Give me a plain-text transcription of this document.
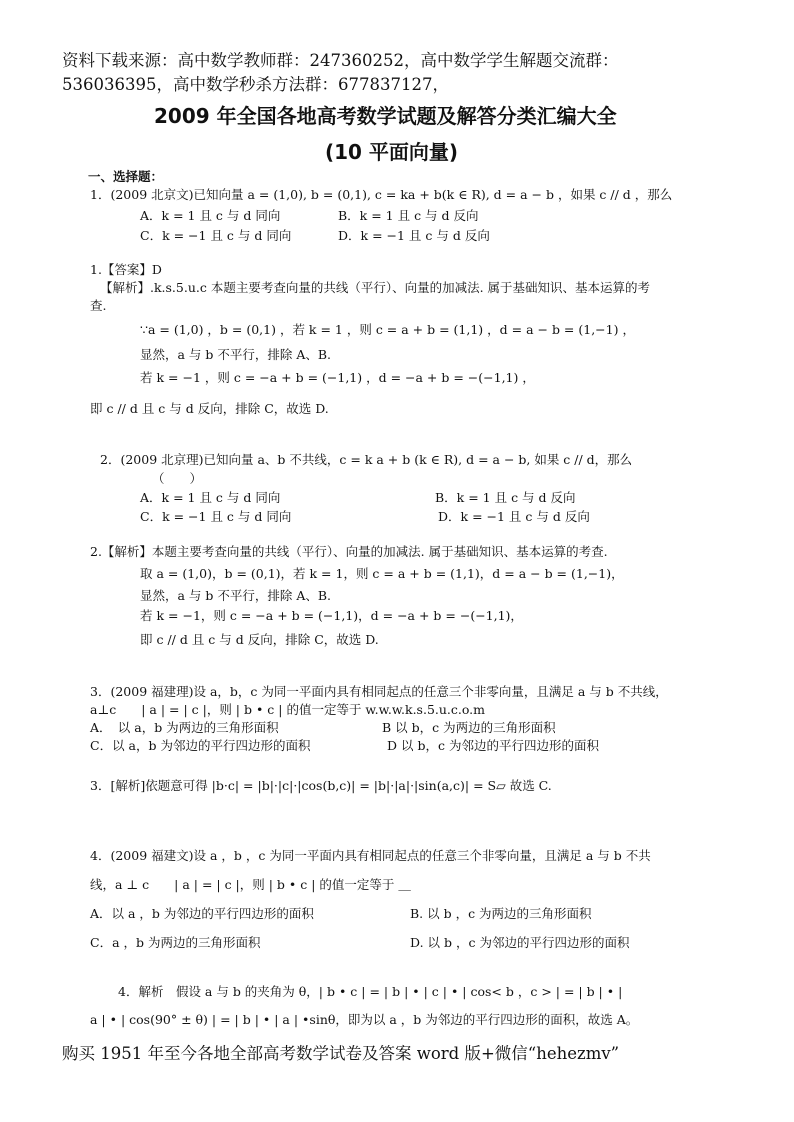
资料下载来源：高中数学教师群：247360252，高中数学学生解题交流群：
536036395，高中数学秒杀方法群：677837127，
2009 年全国各地高考数学试题及解答分类汇编大全
(10 平面向量)
一、选择题：
1．(2009 北京文)已知向量 a = (1,0), b = (0,1), c = ka + b(k ∈ R), d = a − b ，如果 c // d ，那么
A．k = 1 且 c 与 d 同向	B．k = 1 且 c 与 d 反向
C．k = −1 且 c 与 d 同向	D．k = −1 且 c 与 d 反向
1.【答案】D
【解析】.k.s.5.u.c 本题主要考查向量的共线（平行）、向量的加减法. 属于基础知识、基本运算的考
查.
∵a = (1,0) ，b = (0,1) ，若 k = 1 ，则 c = a + b = (1,1) ，d = a − b = (1,−1) ，
显然，a 与 b 不平行，排除 A、B.
若 k = −1 ，则 c = −a + b = (−1,1) ，d = −a + b = −(−1,1) ，
即 c // d 且 c 与 d 反向，排除 C，故选 D.
2．(2009 北京理)已知向量 a、b 不共线，c = k a + b (k ∈ R), d = a − b, 如果 c // d，那么
（　　）
A．k = 1 且 c 与 d 同向	B．k = 1 且 c 与 d 反向
C．k = −1 且 c 与 d 同向	D．k = −1 且 c 与 d 反向
2.【解析】本题主要考查向量的共线（平行）、向量的加减法. 属于基础知识、基本运算的考查.
取 a = (1,0)，b = (0,1)，若 k = 1，则 c = a + b = (1,1)，d = a − b = (1,−1)，
显然，a 与 b 不平行，排除 A、B.
若 k = −1，则 c = −a + b = (−1,1)，d = −a + b = −(−1,1)，
即 c // d 且 c 与 d 反向，排除 C，故选 D.
3．(2009 福建理)设 a，b，c 为同一平面内具有相同起点的任意三个非零向量，且满足 a 与 b 不共线，
a⊥c　　| a | = | c |，则 | b • c | 的值一定等于 w.w.w.k.s.5.u.c.o.m
A．　以 a，b 为两边的三角形面积	B 以 b，c 为两边的三角形面积
C．以 a，b 为邻边的平行四边形的面积	D 以 b，c 为邻边的平行四边形的面积
3．[解析]依题意可得 |b·c| = |b|·|c|·|cos(b,c)| = |b|·|a|·|sin(a,c)| = S▱ 故选 C.
4．(2009 福建文)设 a ，b ，c 为同一平面内具有相同起点的任意三个非零向量，且满足 a 与 b 不共
线，a ⊥ c　　| a | = | c |，则 | b • c | 的值一定等于 ＿
A．以 a ，b 为邻边的平行四边形的面积	B. 以 b ，c 为两边的三角形面积
C．a ，b 为两边的三角形面积	D. 以 b ，c 为邻边的平行四边形的面积
4．解析　假设 a 与 b 的夹角为 θ，| b • c | = | b | • | c | • | cos< b ，c > | = | b | • |
a | • | cos(90° ± θ) | = | b | • | a | •sinθ，即为以 a ，b 为邻边的平行四边形的面积，故选 A。
购买 1951 年至今各地全部高考数学试卷及答案 word 版+微信“hehezmv”
